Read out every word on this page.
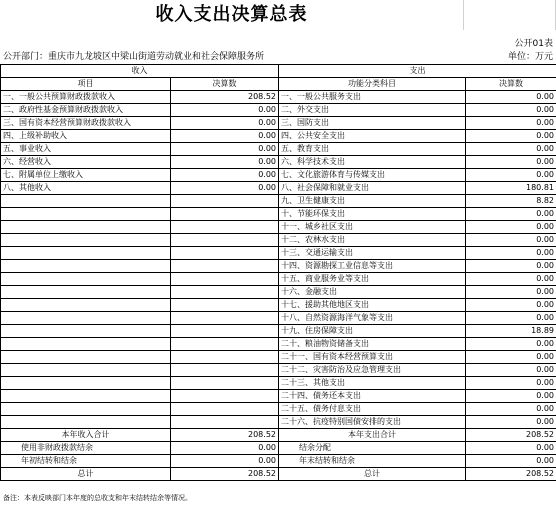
收入支出决算总表
公开01表
公开部门：重庆市九龙坡区中梁山街道劳动就业和社会保障服务所	单位：万元
收入		支出	
项目	决算数	功能分类科目	决算数
一、一般公共预算财政拨款收入	208.52	一、一般公共服务支出	0.00
二、政府性基金预算财政拨款收入	0.00	二、外交支出	0.00
三、国有资本经营预算财政拨款收入	0.00	三、国防支出	0.00
四、上级补助收入	0.00	四、公共安全支出	0.00
五、事业收入	0.00	五、教育支出	0.00
六、经营收入	0.00	六、科学技术支出	0.00
七、附属单位上缴收入	0.00	七、文化旅游体育与传媒支出	0.00
八、其他收入	0.00	八、社会保障和就业支出	180.81
		九、卫生健康支出	8.82
		十、节能环保支出	0.00
		十一、城乡社区支出	0.00
		十二、农林水支出	0.00
		十三、交通运输支出	0.00
		十四、资源勘探工业信息等支出	0.00
		十五、商业服务业等支出	0.00
		十六、金融支出	0.00
		十七、援助其他地区支出	0.00
		十八、自然资源海洋气象等支出	0.00
		十九、住房保障支出	18.89
		二十、粮油物资储备支出	0.00
		二十一、国有资本经营预算支出	0.00
		二十二、灾害防治及应急管理支出	0.00
		二十三、其他支出	0.00
		二十四、债务还本支出	0.00
		二十五、债务付息支出	0.00
		二十六、抗疫特别国债安排的支出	0.00
本年收入合计	208.52	本年支出合计	208.52
使用非财政拨款结余	0.00	结余分配	0.00
年初结转和结余	0.00	年末结转和结余	0.00
总计	208.52	总计	208.52
备注：本表反映部门本年度的总收支和年末结转结余等情况。
